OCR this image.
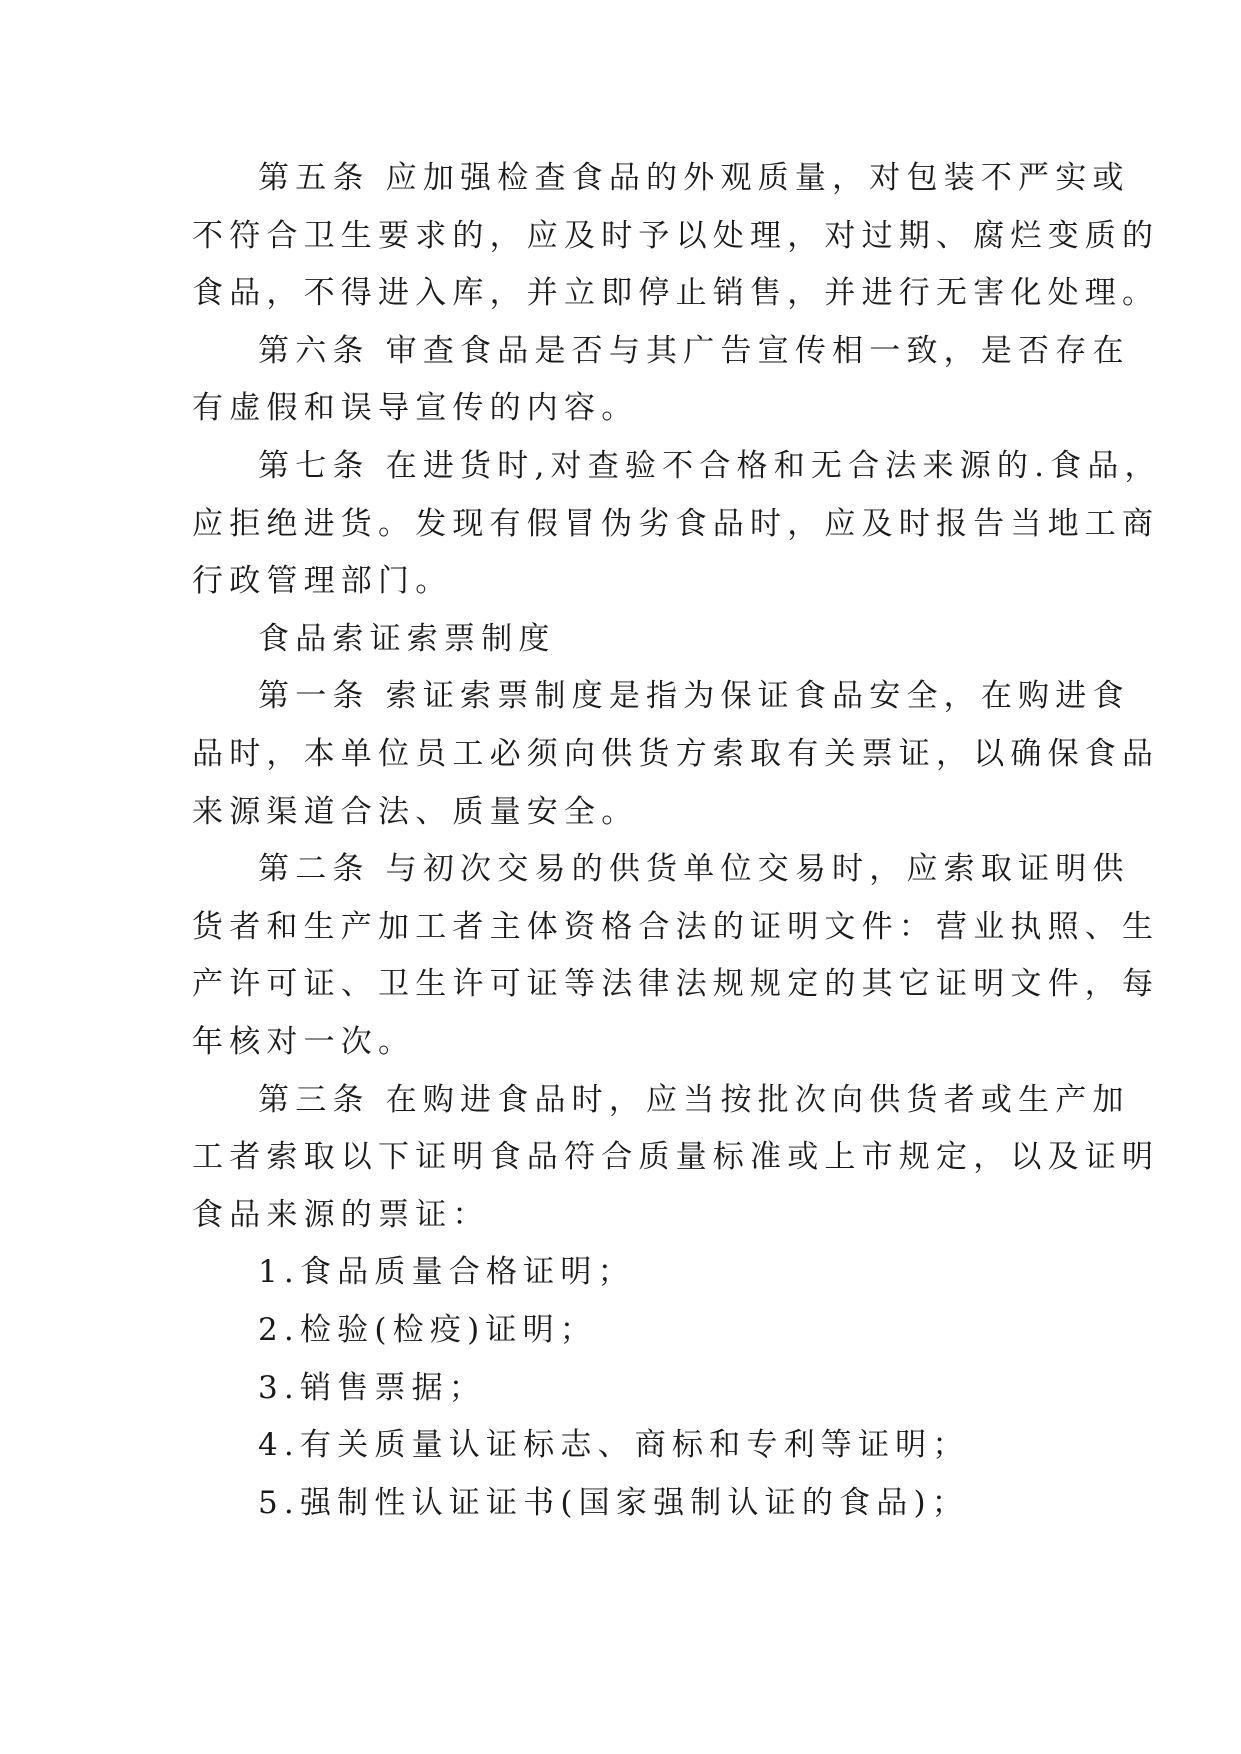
第五条 应加强检查食品的外观质量，对包装不严实或
不符合卫生要求的，应及时予以处理，对过期、腐烂变质的
食品，不得进入库，并立即停止销售，并进行无害化处理。
第六条 审查食品是否与其广告宣传相一致，是否存在
有虚假和误导宣传的内容。
第七条 在进货时,对查验不合格和无合法来源的.食品，
应拒绝进货。发现有假冒伪劣食品时，应及时报告当地工商
行政管理部门。
食品索证索票制度
第一条 索证索票制度是指为保证食品安全，在购进食
品时，本单位员工必须向供货方索取有关票证，以确保食品
来源渠道合法、质量安全。
第二条 与初次交易的供货单位交易时，应索取证明供
货者和生产加工者主体资格合法的证明文件：营业执照、生
产许可证、卫生许可证等法律法规规定的其它证明文件，每
年核对一次。
第三条 在购进食品时，应当按批次向供货者或生产加
工者索取以下证明食品符合质量标准或上市规定，以及证明
食品来源的票证：
1.食品质量合格证明；
2.检验(检疫)证明；
3.销售票据；
4.有关质量认证标志、商标和专利等证明；
5.强制性认证证书(国家强制认证的食品)；
